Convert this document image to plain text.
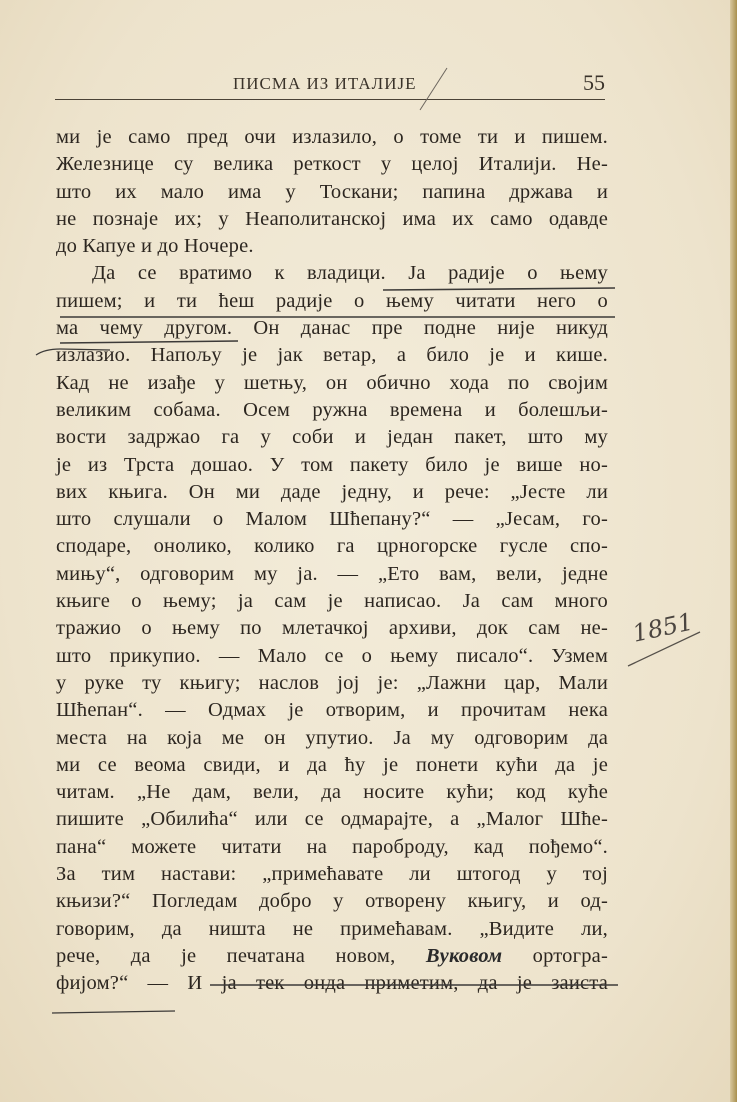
ПИСМА ИЗ ИТАЛИЈЕ	55
ми је само пред очи излазило, о томе ти и пишем.
Железнице су велика реткост у целој Италији. Не-
што их мало има у Тоскани; папина држава и
не познаје их; у Неаполитанској има их само одавде
до Капуе и до Ночере.
Да се вратимо к владици. Ја радије о њему
пишем; и ти ћеш радије о њему читати него о
ма чему другом. Он данас пре подне није никуд
излазио. Напољу је јак ветар, а било је и кише.
Кад не изађе у шетњу, он обично хода по својим
великим собама. Осем ружна времена и болешљи-
вости задржао га у соби и један пакет, што му
је из Трста дошао. У том пакету било је више но-
вих књига. Он ми даде једну, и рече: „Јесте ли
што слушали о Малом Шћепану?“ — „Јесам, го-
сподаре, онолико, колико га црногорске гусле спо-
мињу“, одговорим му ја. — „Ето вам, вели, једне
књиге о њему; ја сам је написао. Ја сам много
тражио о њему по млетачкој архиви, док сам не-
што прикупио. — Мало се о њему писало“. Узмем
у руке ту књигу; наслов јој је: „Лажни цар, Мали
Шћепан“. — Одмах је отворим, и прочитам нека
места на која ме он упутио. Ја му одговорим да
ми се веома свиди, и да ћу је понети кући да је
читам. „Не дам, вели, да носите кући; код куће
пишите „Обилића“ или се одмарајте, а „Малог Шће-
пана“ можете читати на пароброду, кад пођемо“.
За тим настави: „примећавате ли штогод у тој
књизи?“ Погледам добро у отворену књигу, и од-
говорим, да ништа не примећавам. „Видите ли,
рече, да је печатана новом, Вуковом ортогра-
фијом?“ — И ја тек онда приметим, да је заиста
1851
